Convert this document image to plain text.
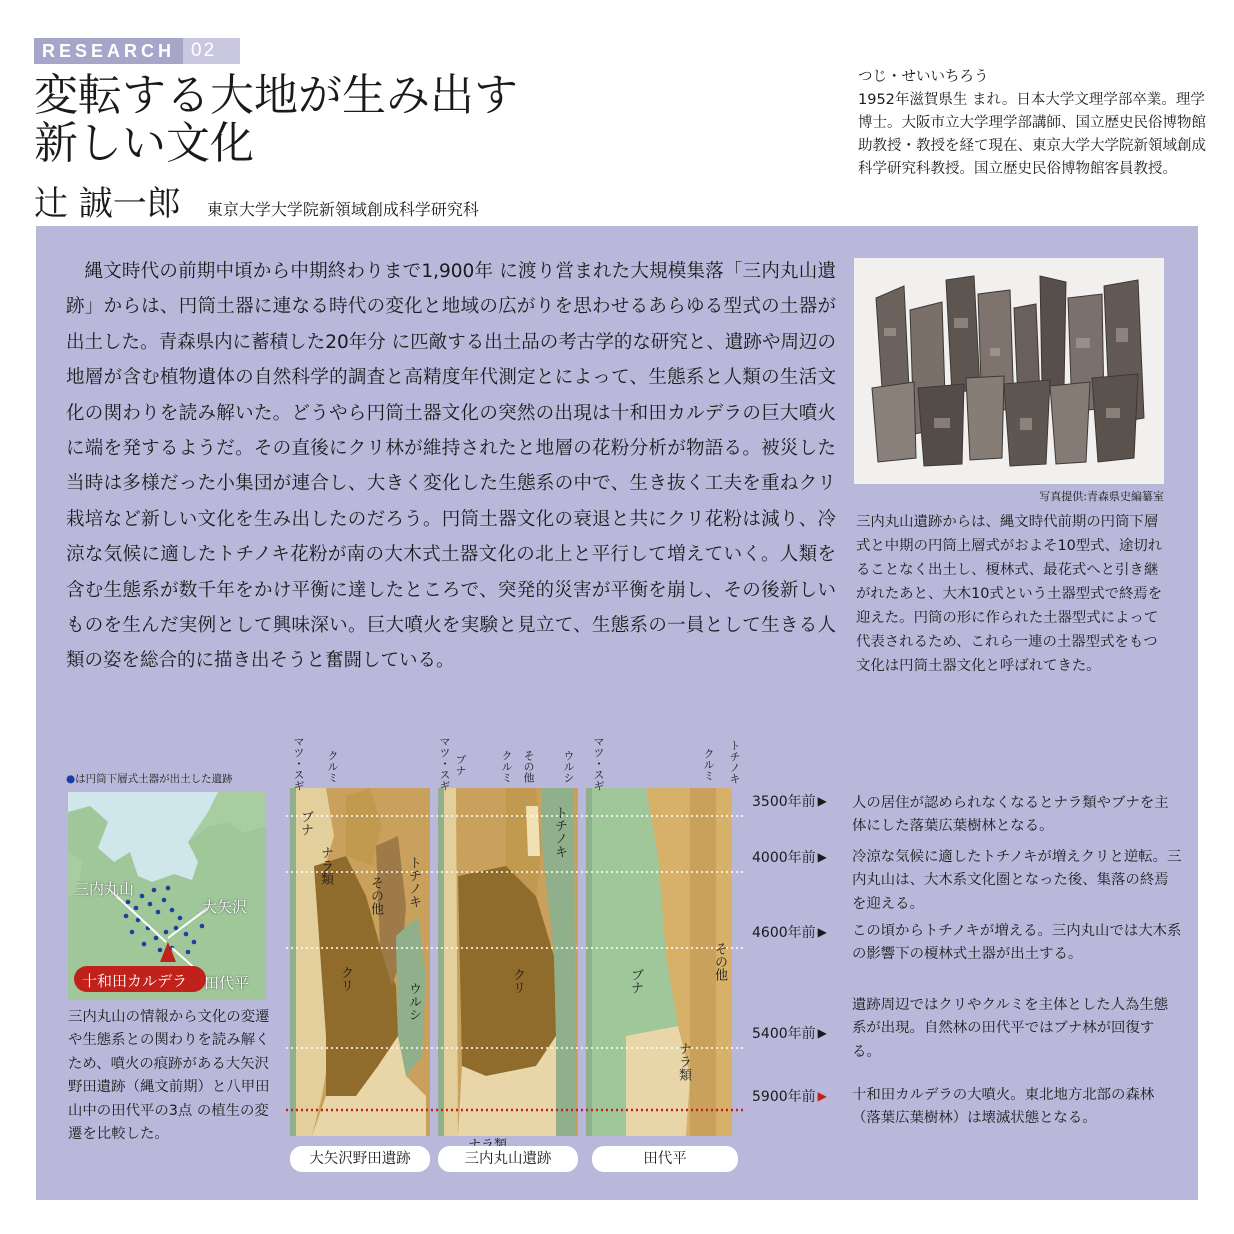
RESEARCH 02
変転する大地が生み出す
新しい文化
辻 誠一郎 東京大学大学院新領域創成科学研究科
つじ・せいいちろう
1952年滋賀県生 まれ。日本大学文理学部卒業。理学博士。大阪市立大学理学部講師、国立歴史民俗博物館助教授・教授を経て現在、東京大学大学院新領域創成科学研究科教授。国立歴史民俗博物館客員教授。

縄文時代の前期中頃から中期終わりまで1,900年 に渡り営まれた大規模集落「三内丸山遺跡」からは、円筒土器に連なる時代の変化と地域の広がりを思わせるあらゆる型式の土器が出土した。青森県内に蓄積した20年分 に匹敵する出土品の考古学的な研究と、遺跡や周辺の地層が含む植物遺体の自然科学的調査と高精度年代測定とによって、生態系と人類の生活文化の関わりを読み解いた。どうやら円筒土器文化の突然の出現は十和田カルデラの巨大噴火に端を発するようだ。その直後にクリ林が維持されたと地層の花粉分析が物語る。被災した当時は多様だった小集団が連合し、大きく変化した生態系の中で、生き抜く工夫を重ねクリ栽培など新しい文化を生み出したのだろう。円筒土器文化の衰退と共にクリ花粉は減り、冷涼な気候に適したトチノキ花粉が南の大木式土器文化の北上と平行して増えていく。人類を含む生態系が数千年をかけ平衡に達したところで、突発的災害が平衡を崩し、その後新しいものを生んだ実例として興味深い。巨大噴火を実験と見立て、生態系の一員として生きる人類の姿を総合的に描き出そうと奮闘している。

写真提供:青森県史編纂室
三内丸山遺跡からは、縄文時代前期の円筒下層式と中期の円筒上層式がおよそ10型式、途切れることなく出土し、榎林式、最花式へと引き継がれたあと、大木10式という土器型式で終焉を迎えた。円筒の形に作られた土器型式によって代表されるため、これら一連の土器型式をもつ文化は円筒土器文化と呼ばれてきた。
●は円筒下層式土器が出土した遺跡
三内丸山
大矢沢
田代平
十和田カルデラ
三内丸山の情報から文化の変遷や生態系との関わりを読み解くため、噴火の痕跡がある大矢沢野田遺跡（縄文前期）と八甲田山中の田代平の3点 の植生の変遷を比較した。
マツ・スギ クルミ	マツ・スギ ブナ	クルミ その他 ウルシ マツ・スギ	クルミ トチノキ
ブナ
ナラ類
その他 トチノキ
クリ
ウルシ
トチノキ
クリ	ブナ	その他
ナラ類
大矢沢野田遺跡	三内丸山遺跡	田代平
3500年前 ▶ 人の居住が認められなくなるとナラ類やブナを主体にした落葉広葉樹林となる。
4000年前 ▶ 冷涼な気候に適したトチノキが増えクリと逆転。三内丸山は、大木系文化圏となった後、集落の終焉を迎える。
4600年前 ▶ この頃からトチノキが増える。三内丸山では大木系の影響下の榎林式土器が出土する。
5400年前 ▶
遺跡周辺ではクリやクルミを主体とした人為生態系が出現。自然林の田代平ではブナ林が回復する。
5900年前 ▶ 十和田カルデラの大噴火。東北地方北部の森林（落葉広葉樹林）は壊滅状態となる。
